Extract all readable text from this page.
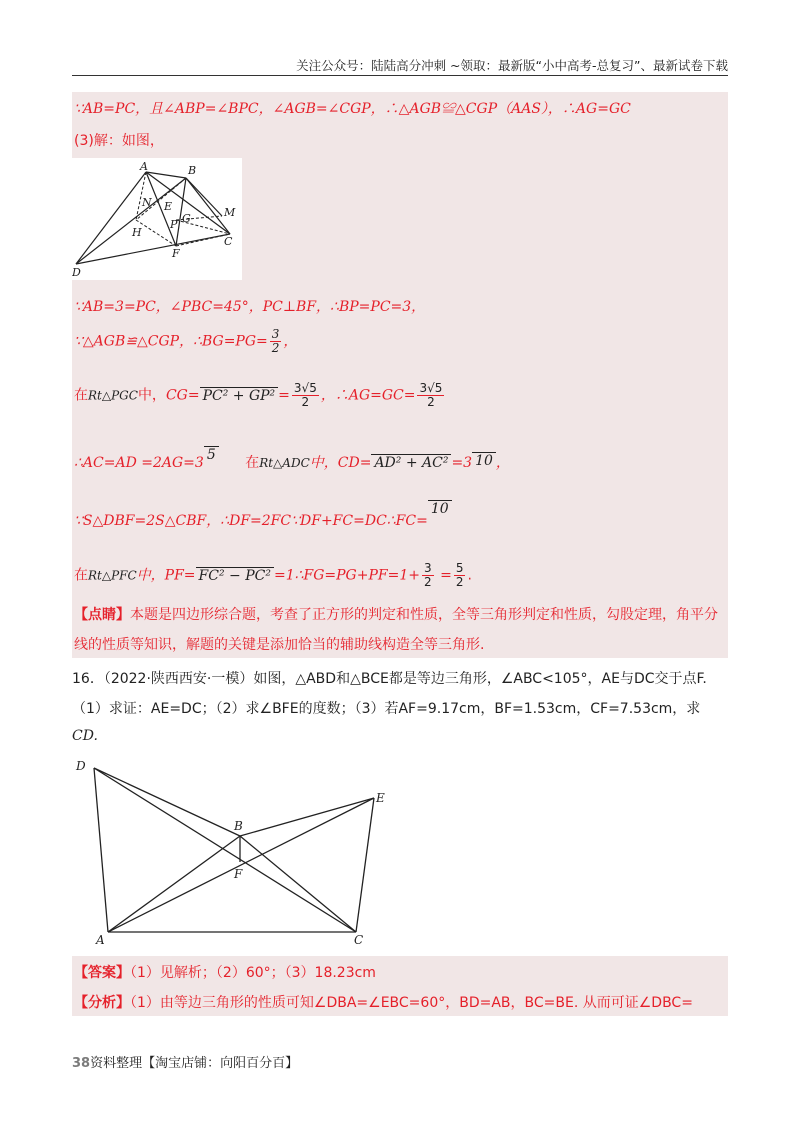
关注公众号：陆陆高分冲刺 ~领取：最新版“小中高考-总复习”、最新试卷下载
∵AB=PC，且∠ABP=∠BPC，∠AGB=∠CGP，∴△AGB≌△CGP（AAS），∴AG=GC
(3)解：如图，
A	B
N E
H
P G	M
F
C
D
∵AB=3=PC，∠PBC=45°，PC⊥BF，∴BP=PC=3，
∵△AGB≌△CGP，∴BG=PG= $\frac{3}{2}$ ，
在Rt△PGC中，$CG= PC^2 + GP^2 = \frac{3√5}{2}$ ，∴AG=GC= $\frac{3√5}{2}$
∴AC=AD =2AG=3 5 在Rt△ADC中，CD= AD² + AC² =3 10 ，
∵S△DBF=2S△CBF，∴DF=2FC∵DF+FC=DC∴FC=10
在Rt△PFC中，PF= FC² − PC² =1∴FG=PG+PF=1+ $\frac{3}{2} = \frac{5}{2}$ .
【点睛】本题是四边形综合题，考查了正方形的判定和性质，全等三角形判定和性质，勾股定理，角平分
线的性质等知识，解题的关键是添加恰当的辅助线构造全等三角形.
16．（2022·陕西西安·一模）如图，△ABD和△BCE都是等边三角形，∠ABC<105°，AE与DC交于点F.
（1）求证：AE=DC；（2）求∠BFE的度数；（3）若AF=9.17cm，BF=1.53cm，CF=7.53cm，求
CD.
D
E
B
F
A	C
【答案】（1）见解析；（2）60°；（3）18.23cm
【分析】（1）由等边三角形的性质可知∠DBA=∠EBC=60°，BD=AB，BC=BE. 从而可证∠DBC=
38资料整理【淘宝店铺：向阳百分百】
